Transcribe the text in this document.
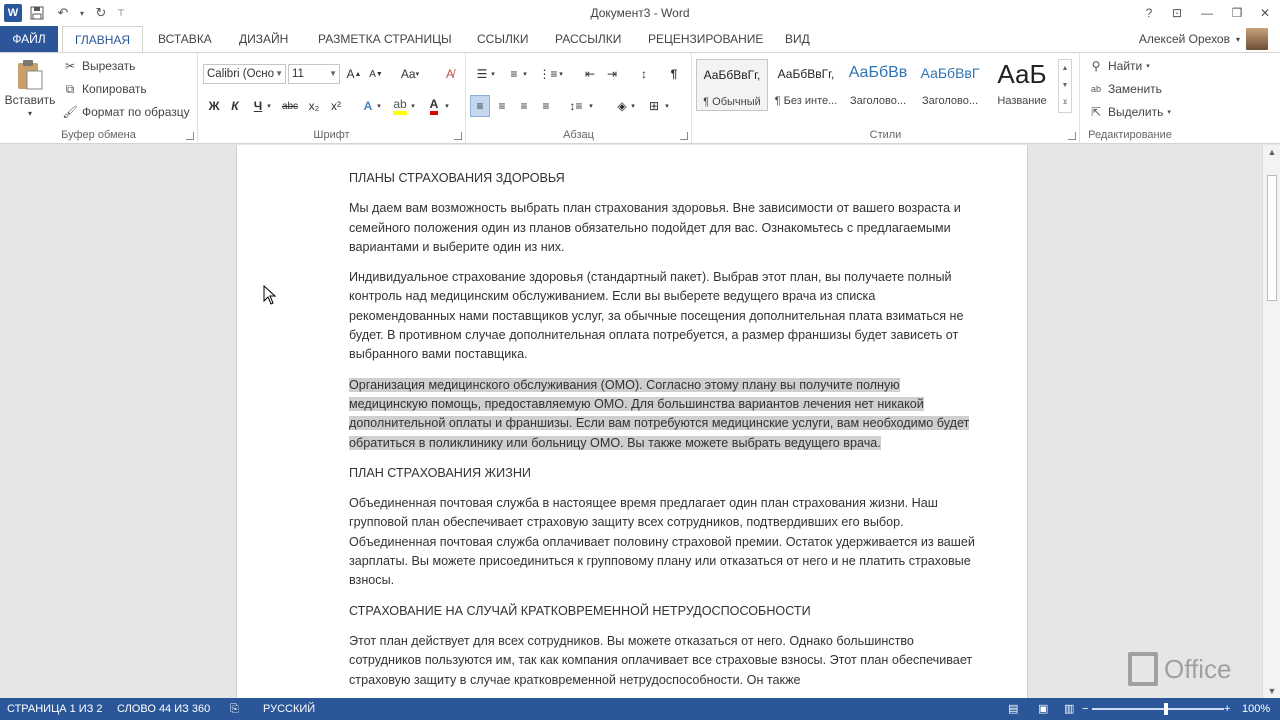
W	↶	▾ ↻	⊤	Документ3 - Word	?	⊡	—	❐	✕
ФАЙЛ	ГЛАВНАЯ	ВСТАВКА	ДИЗАЙН	РАЗМЕТКА СТРАНИЦЫ	ССЫЛКИ	РАССЫЛКИ	РЕЦЕНЗИРОВАНИЕ	ВИД	Алексей Орехов ▾
Вставить
▾
✂ Вырезать
⧉ Копировать
🖌 Формат по образцу
Буфер обмена
Calibri (Осно ▼ 11	▼ A ▲ A ▼ Aa ▾	A̸
Ж К	Ч ▾	abc x₂ x²	A ▾ ab ▾ A ▾
Шрифт
☰ ▾	≡ ▾ ⋮≡ ▾	⇤ ⇥	↕	¶
≡	≡	≡	≡	↕≡ ▾	◈ ▾	⊞ ▾
Абзац
АаБбВвГг,
¶ Обычный
АаБбВвГг,
¶ Без инте...
АаБбВв
Заголово...
АаБбВвГ
Заголово...
АаБ
Название
▲
▼
⊻
Стили
⚲ Найти ▾
ab Заменить
⇱ Выделить ▾
Редактирование

ПЛАНЫ СТРАХОВАНИЯ ЗДОРОВЬЯ

Мы даем вам возможность выбрать план страхования здоровья. Вне зависимости от вашего возраста и семейного положения один из планов обязательно подойдет для вас. Ознакомьтесь с предлагаемыми вариантами и выберите один из них.

Индивидуальное страхование здоровья (стандартный пакет). Выбрав этот план, вы получаете полный контроль над медицинским обслуживанием. Если вы выберете ведущего врача из списка рекомендованных нами поставщиков услуг, за обычные посещения дополнительная плата взиматься не будет. В противном случае дополнительная оплата потребуется, а размер франшизы будет зависеть от выбранного вами поставщика.

Организация медицинского обслуживания (ОМО). Согласно этому плану вы получите полную медицинскую помощь, предоставляемую ОМО. Для большинства вариантов лечения нет никакой дополнительной оплаты и франшизы. Если вам потребуются медицинские услуги, вам необходимо будет обратиться в поликлинику или больницу ОМО. Вы также можете выбрать ведущего врача.

ПЛАН СТРАХОВАНИЯ ЖИЗНИ

Объединенная почтовая служба в настоящее время предлагает один план страхования жизни. Наш групповой план обеспечивает страховую защиту всех сотрудников, подтвердивших его выбор. Объединенная почтовая служба оплачивает половину страховой премии. Остаток удерживается из вашей зарплаты. Вы можете присоединиться к групповому плану или отказаться от него и не платить страховые взносы.

СТРАХОВАНИЕ НА СЛУЧАЙ КРАТКОВРЕМЕННОЙ НЕТРУДОСПОСОБНОСТИ

Этот план действует для всех сотрудников. Вы можете отказаться от него. Однако большинство сотрудников пользуются им, так как компания оплачивает все страховые взносы. Этот план обеспечивает страховую защиту в случае кратковременной нетрудоспособности. Он также

▲
▼
Office
СТРАНИЦА 1 ИЗ 2 СЛОВО 44 ИЗ 360 ⎘ РУССКИЙ	▤ ▣ ▥ −	+ 100%
